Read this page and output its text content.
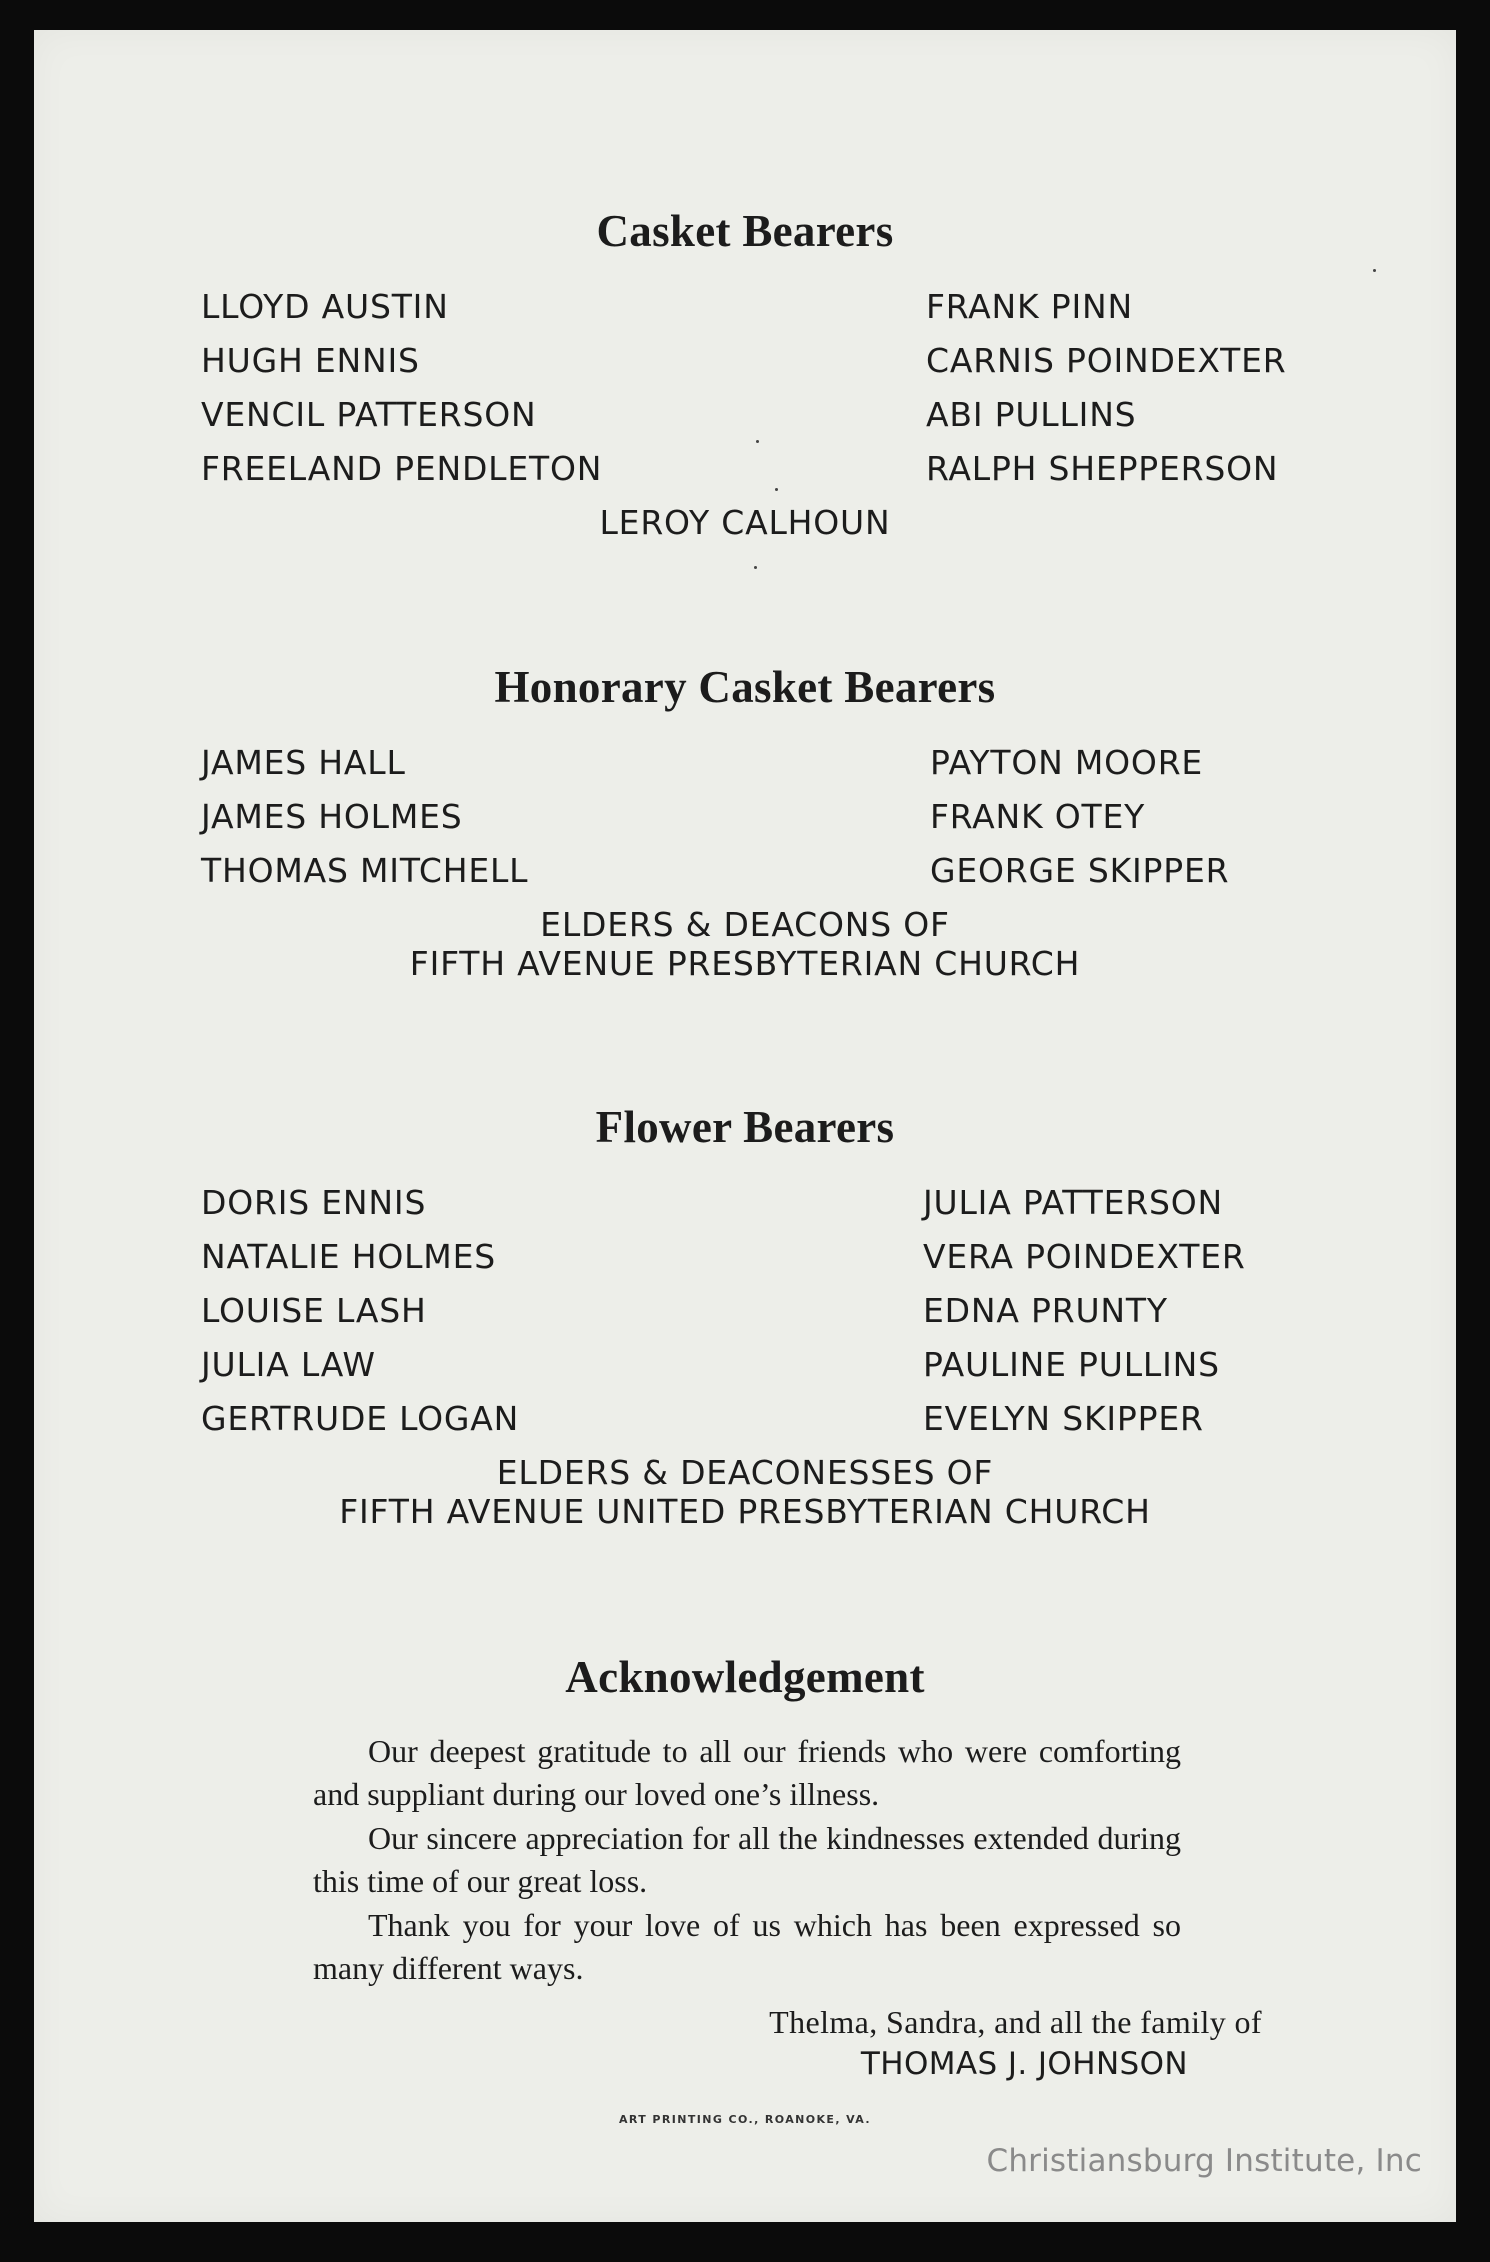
Casket Bearers
LLOYD AUSTIN
HUGH ENNIS
VENCIL PATTERSON
FREELAND PENDLETON
FRANK PINN
CARNIS POINDEXTER
ABI PULLINS
RALPH SHEPPERSON
LEROY CALHOUN
Honorary Casket Bearers
JAMES HALL
JAMES HOLMES
THOMAS MITCHELL
PAYTON MOORE
FRANK OTEY
GEORGE SKIPPER
ELDERS & DEACONS OF
FIFTH AVENUE PRESBYTERIAN CHURCH
Flower Bearers
DORIS ENNIS
NATALIE HOLMES
LOUISE LASH
JULIA LAW
GERTRUDE LOGAN
JULIA PATTERSON
VERA POINDEXTER
EDNA PRUNTY
PAULINE PULLINS
EVELYN SKIPPER
ELDERS & DEACONESSES OF
FIFTH AVENUE UNITED PRESBYTERIAN CHURCH
Acknowledgement
Our deepest gratitude to all our friends who were comforting and suppliant during our loved one’s illness.
Our sincere appreciation for all the kindnesses extended during this time of our great loss.
Thank you for your love of us which has been expressed so many different ways.
Thelma, Sandra, and all the family of
THOMAS J. JOHNSON
ART PRINTING CO., ROANOKE, VA.
Christiansburg Institute, Inc
